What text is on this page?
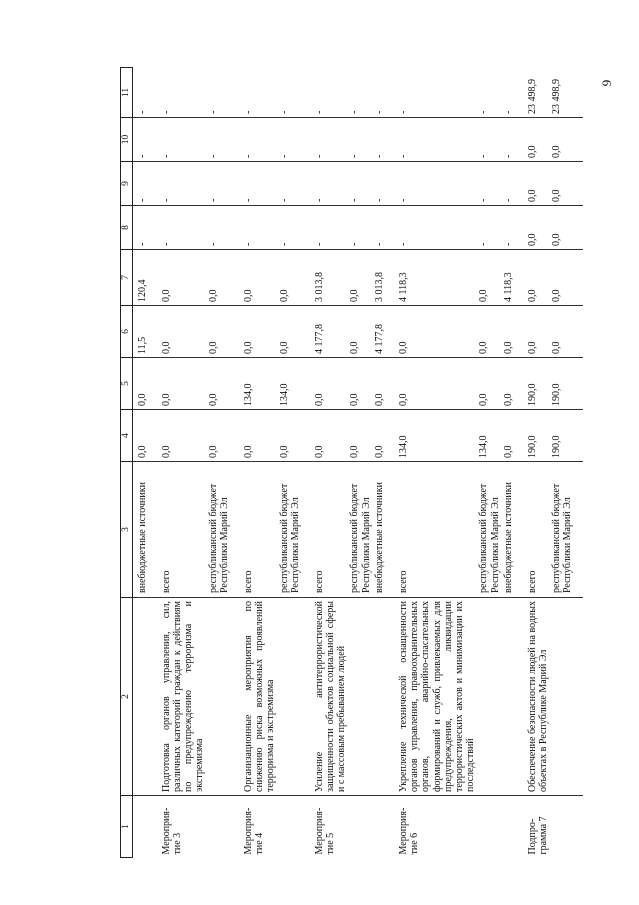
9
1	2	3	4	5	6	7	8	9	10	11
		внебюджетные источники	0,0	0,0	11,5	120,4	-	-	-	-
Мероприя-тие 3	Подготовка органов управления, сил, различных категорий граждан к действиям по предупреждению терроризма и экстремизма	всего	0,0	0,0	0,0	0,0	-	-	-	-
		республиканский бюджет Республики Марий Эл	0,0	0,0	0,0	0,0	-	-	-	-
Мероприя-тие 4	Организационные мероприятия по снижению риска возможных проявлений терроризма и экстремизма	всего	0,0	134,0	0,0	0,0	-	-	-	-
		республиканский бюджет Республики Марий Эл	0,0	134,0	0,0	0,0	-	-	-	-
Мероприя-тие 5	Усиление антитеррористической защищенности объектов социальной сферы и с массовым пребыванием людей	всего	0,0	0,0	4 177,8	3 013,8	-	-	-	-
		республиканский бюджет Республики Марий Эл	0,0	0,0	0,0	0,0	-	-	-	-
		внебюджетные источники	0,0	0,0	4 177,8	3 013,8	-	-	-	-
Мероприя-тие 6	Укрепление технической оснащенности органов управления, правоохранительных органов, аварийно-спасательных формирований и служб, привлекаемых для предупреждения, ликвидации террористических актов и минимизации их последствий	всего	134,0	0,0	0,0	4 118,3	-	-	-	-
		республиканский бюджет Республики Марий Эл	134,0	0,0	0,0	0,0	-	-	-	-
		внебюджетные источники	0,0	0,0	0,0	4 118,3	-	-	-	-
Подпро-грамма 7	Обеспечение безопасности людей на водных объектах в Республике Марий Эл	всего	190,0	190,0	0,0	0,0	0,0	0,0	0,0	23 498,9
		республиканский бюджет Республики Марий Эл	190,0	190,0	0,0	0,0	0,0	0,0	0,0	23 498,9
